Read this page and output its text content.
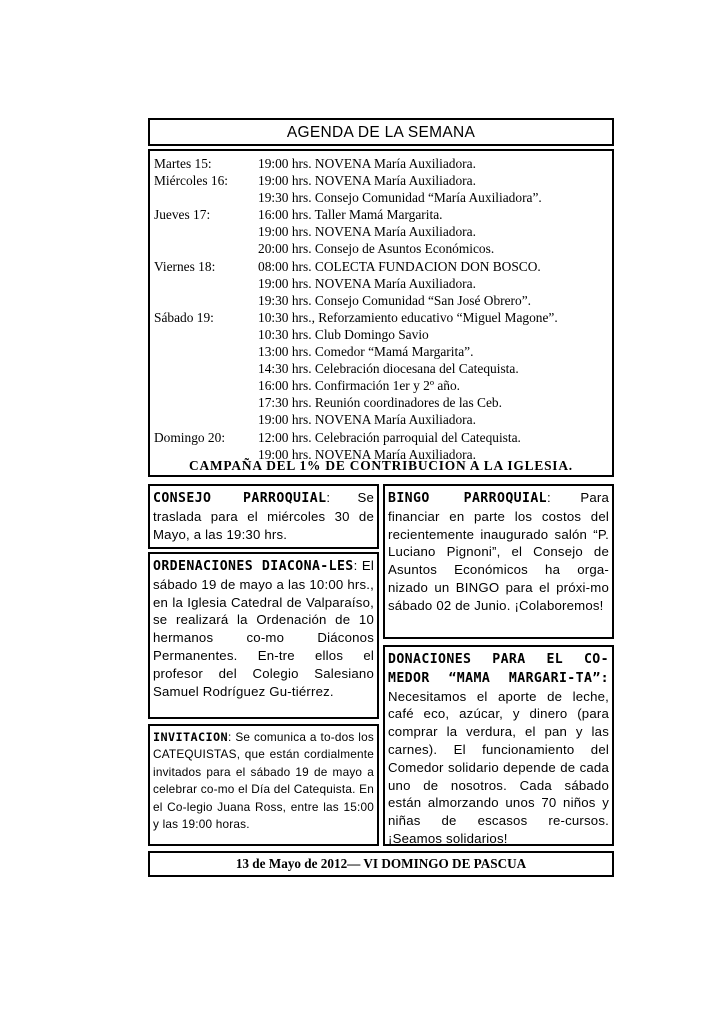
AGENDA DE LA SEMANA
Martes 15:	19:00 hrs. NOVENA María Auxiliadora.
Miércoles 16:	19:00 hrs. NOVENA María Auxiliadora.
19:30 hrs. Consejo Comunidad “María Auxiliadora”.
Jueves 17:	16:00 hrs. Taller Mamá Margarita.
19:00 hrs. NOVENA María Auxiliadora.
20:00 hrs. Consejo de Asuntos Económicos.
Viernes 18:	08:00 hrs. COLECTA FUNDACION DON BOSCO.
19:00 hrs. NOVENA María Auxiliadora.
19:30 hrs. Consejo Comunidad “San José Obrero”.
Sábado 19:	10:30 hrs., Reforzamiento educativo “Miguel Magone”.
10:30 hrs. Club Domingo Savio
13:00 hrs. Comedor “Mamá Margarita”.
14:30 hrs. Celebración diocesana del Catequista.
16:00 hrs. Confirmación 1er y 2º año.
17:30 hrs. Reunión coordinadores de las Ceb.
19:00 hrs. NOVENA María Auxiliadora.
Domingo 20:	12:00 hrs. Celebración parroquial del Catequista.
19:00 hrs. NOVENA María Auxiliadora.
CAMPAÑA DEL 1% DE CONTRIBUCION A LA IGLESIA.
CONSEJO PARROQUIAL: Se traslada para el miércoles 30 de Mayo, a las 19:30 hrs.
ORDENACIONES DIACONA-LES: El sábado 19 de mayo a las 10:00 hrs., en la Iglesia Catedral de Valparaíso, se realizará la Ordenación de 10 hermanos co-mo Diáconos Permanentes. En-tre ellos el profesor del Colegio Salesiano Samuel Rodríguez Gu-tiérrez.
INVITACION: Se comunica a to-dos los CATEQUISTAS, que están cordialmente invitados para el sábado 19 de mayo a celebrar co-mo el Día del Catequista. En el Co-legio Juana Ross, entre las 15:00 y las 19:00 horas.
BINGO PARROQUIAL: Para financiar en parte los costos del recientemente inaugurado salón “P. Luciano Pignoni”, el Consejo de Asuntos Económicos ha orga-nizado un BINGO para el próxi-mo sábado 02 de Junio. ¡Colaboremos!
DONACIONES PARA EL CO-MEDOR “MAMA MARGARI-TA”: Necesitamos el aporte de leche, café eco, azúcar, y dinero (para comprar la verdura, el pan y las carnes). El funcionamiento del Comedor solidario depende de cada uno de nosotros. Cada sábado están almorzando unos 70 niños y niñas de escasos re-cursos. ¡Seamos solidarios!
13 de Mayo de 2012— VI DOMINGO DE PASCUA
